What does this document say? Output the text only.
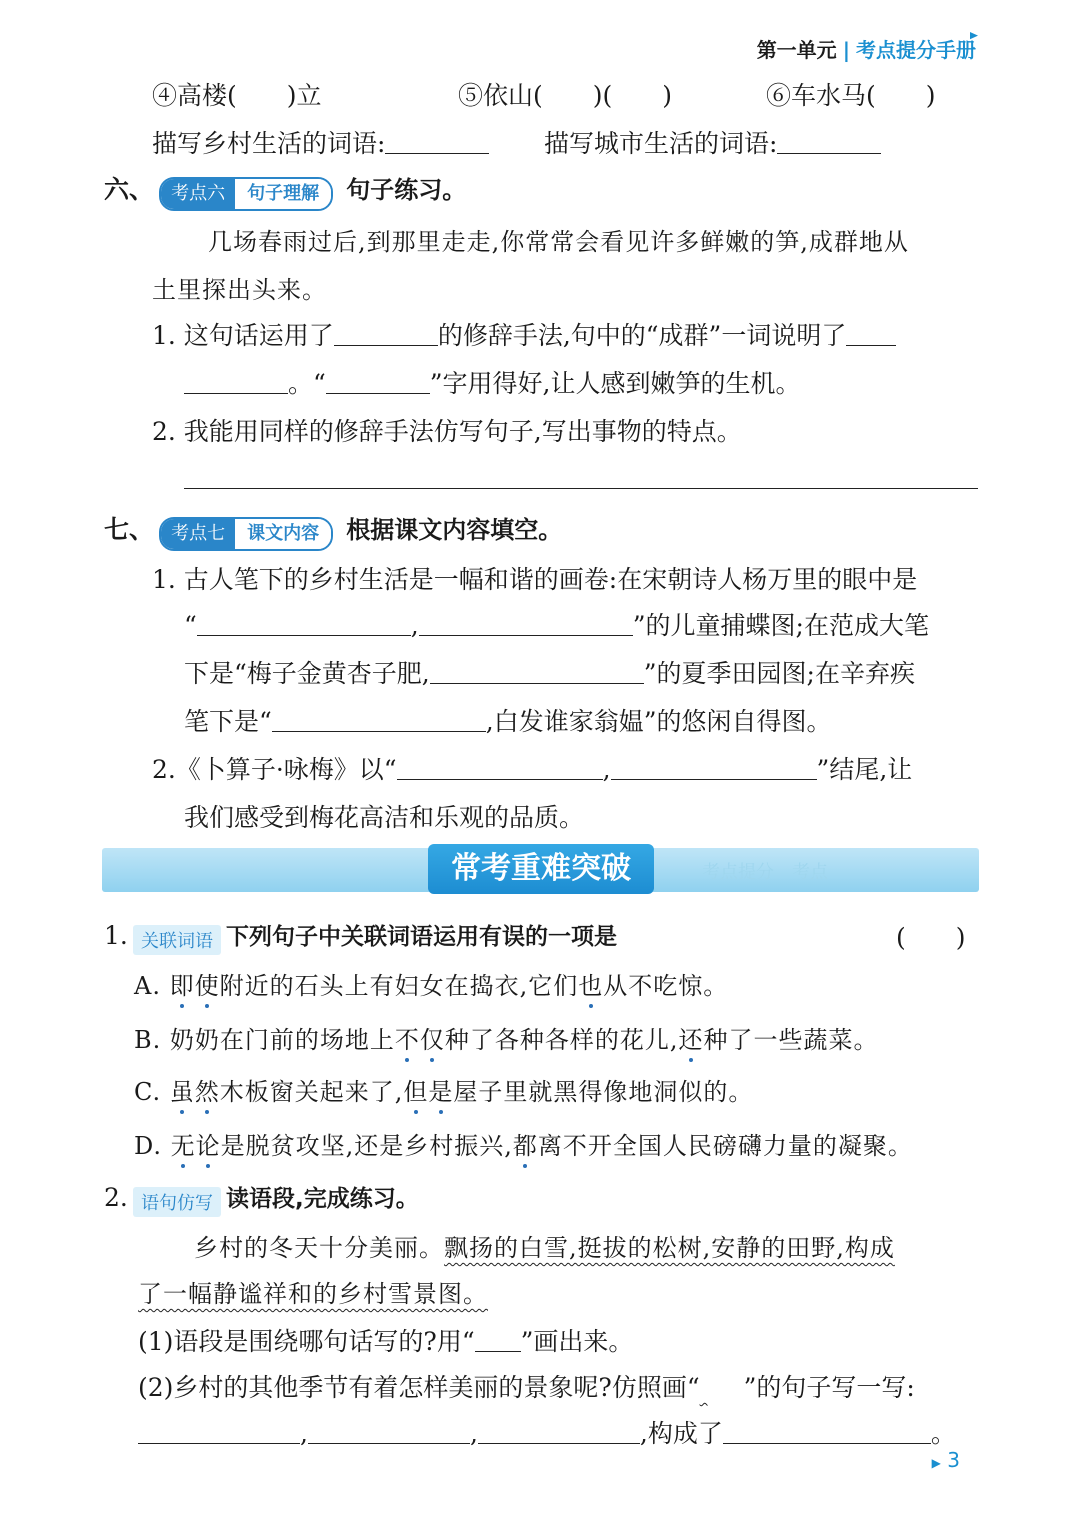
第一单元 | 考点提分手册
④高楼(　　)立	⑤依山(　　)(　　)	⑥车水马(　　)
描写乡村生活的词语:	描写城市生活的词语:
六、 考点六	句子理解	句子练习。
几场春雨过后,到那里走走,你常常会看见许多鲜嫩的笋,成群地从
土里探出头来。
1. 这句话运用了	的修辞手法,句中的“成群”一词说明了
。“	”字用得好,让人感到嫩笋的生机。
2. 我能用同样的修辞手法仿写句子,写出事物的特点。
七、 考点七	课文内容	根据课文内容填空。
1. 古人笔下的乡村生活是一幅和谐的画卷:在宋朝诗人杨万里的眼中是
“	,	”的儿童捕蝶图;在范成大笔
下是“梅子金黄杏子肥,	”的夏季田园图;在辛弃疾
笔下是“	,白发谁家翁媪”的悠闲自得图。
2.《卜算子·咏梅》以“	,	”结尾,让
我们感受到梅花高洁和乐观的品质。
常考重难突破	考点提分　考点
1. 关联词语 下列句子中关联词语运用有误的一项是	(　　)
A. 即使附近的石头上有妇女在捣衣,它们也从不吃惊。
B. 奶奶在门前的场地上不仅种了各种各样的花儿,还种了一些蔬菜。
C. 虽然木板窗关起来了,但是屋子里就黑得像地洞似的。
D. 无论是脱贫攻坚,还是乡村振兴,都离不开全国人民磅礴力量的凝聚。
2. 语句仿写 读语段,完成练习。
乡村的冬天十分美丽。飘扬的白雪,挺拔的松树,安静的田野,构成
了一幅静谧祥和的乡村雪景图。
(1)语段是围绕哪句话写的?用“ ”画出来。
(2)乡村的其他季节有着怎样美丽的景象呢?仿照画“ ”的句子写一写:
,	,	,构成了	。
▶ 3
